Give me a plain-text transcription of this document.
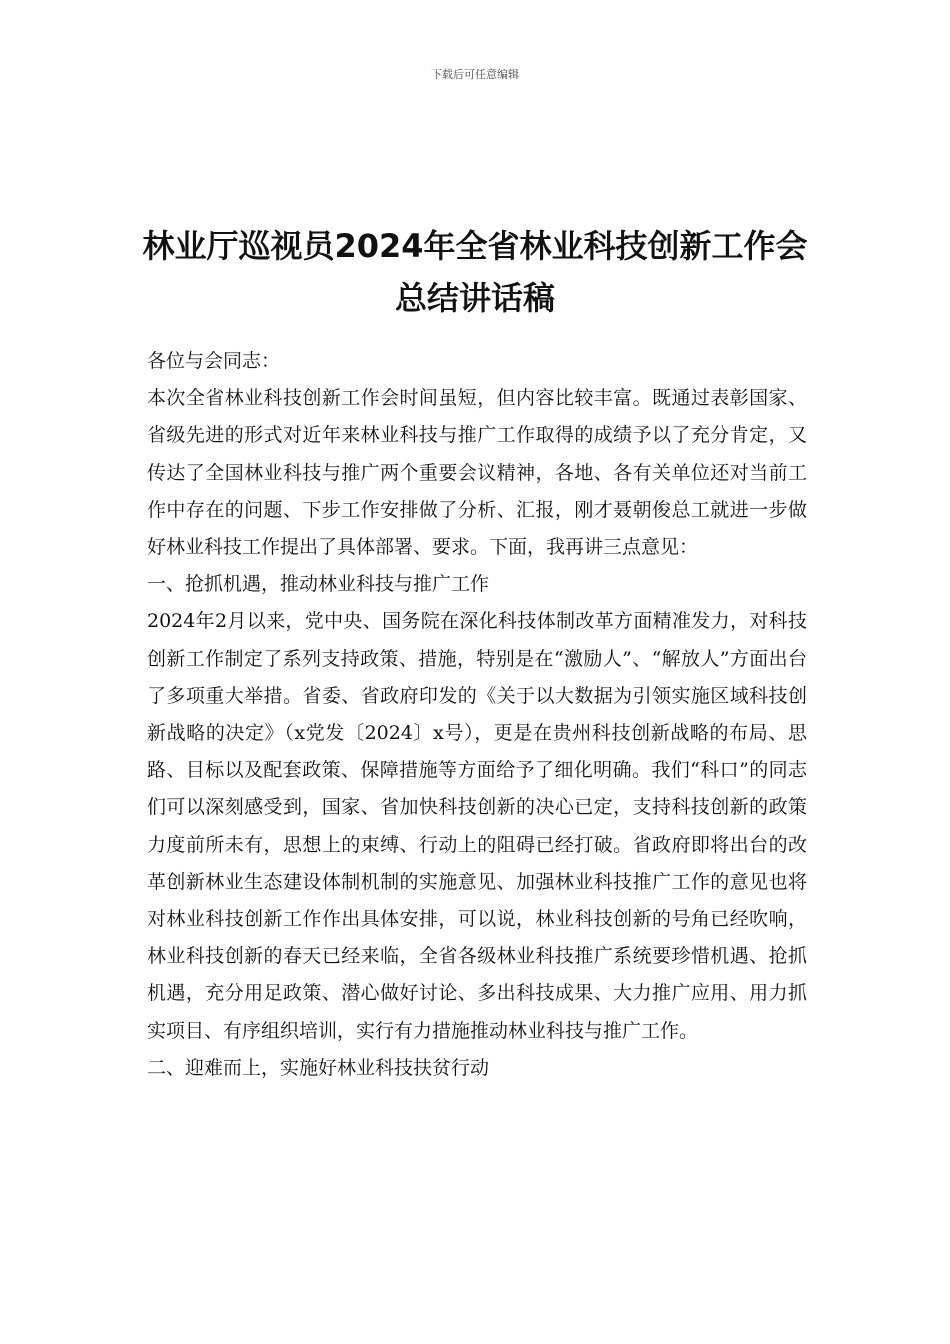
下载后可任意编辑
林业厅巡视员2024年全省林业科技创新工作会总结讲话稿

各位与会同志：

本次全省林业科技创新工作会时间虽短，但内容比较丰富。既通过表彰国家、省级先进的形式对近年来林业科技与推广工作取得的成绩予以了充分肯定，又传达了全国林业科技与推广两个重要会议精神，各地、各有关单位还对当前工作中存在的问题、下步工作安排做了分析、汇报，刚才聂朝俊总工就进一步做好林业科技工作提出了具体部署、要求。下面，我再讲三点意见：

一、抢抓机遇，推动林业科技与推广工作

2024年2月以来，党中央、国务院在深化科技体制改革方面精准发力，对科技创新工作制定了系列支持政策、措施，特别是在“激励人”、“解放人”方面出台了多项重大举措。省委、省政府印发的《关于以大数据为引领实施区域科技创新战略的决定》（x党发〔2024〕x号），更是在贵州科技创新战略的布局、思路、目标以及配套政策、保障措施等方面给予了细化明确。我们“科口”的同志们可以深刻感受到，国家、省加快科技创新的决心已定，支持科技创新的政策力度前所未有，思想上的束缚、行动上的阻碍已经打破。省政府即将出台的改革创新林业生态建设体制机制的实施意见、加强林业科技推广工作的意见也将对林业科技创新工作作出具体安排，可以说，林业科技创新的号角已经吹响，林业科技创新的春天已经来临，全省各级林业科技推广系统要珍惜机遇、抢抓机遇，充分用足政策、潜心做好讨论、多出科技成果、大力推广应用、用力抓实项目、有序组织培训，实行有力措施推动林业科技与推广工作。

二、迎难而上，实施好林业科技扶贫行动
